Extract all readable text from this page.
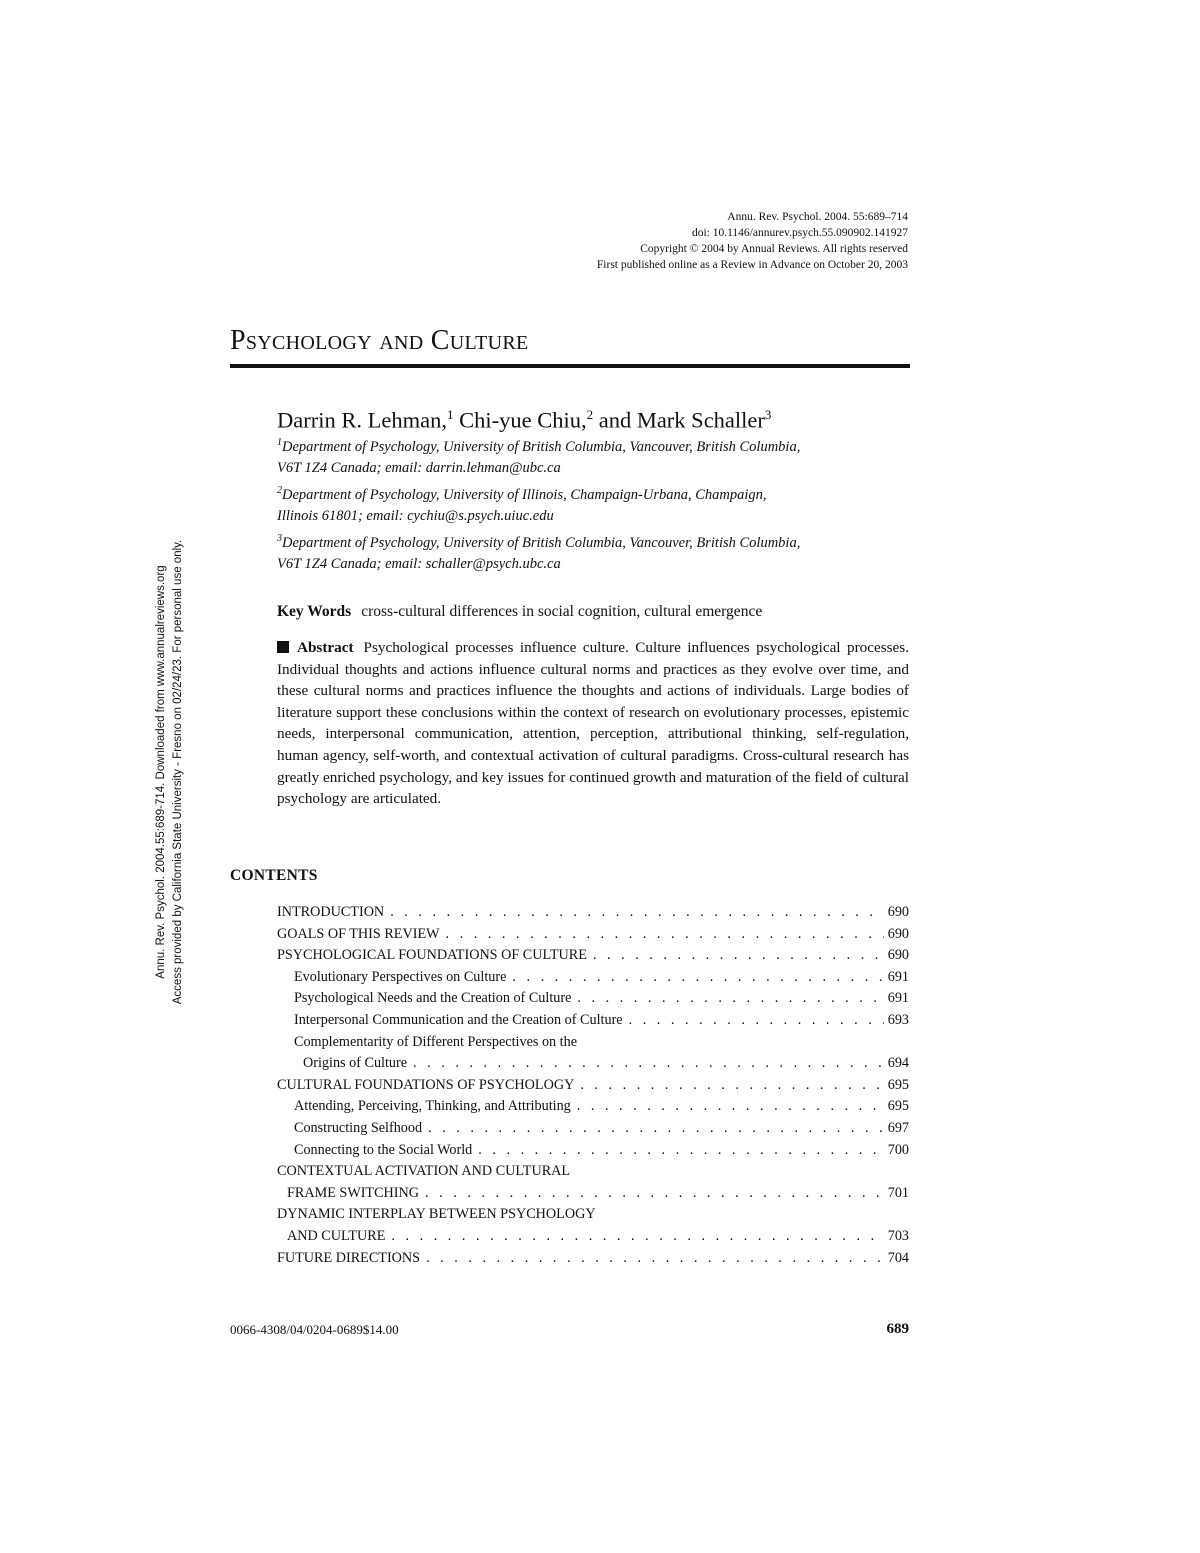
Annu. Rev. Psychol. 2004. 55:689–714
doi: 10.1146/annurev.psych.55.090902.141927
Copyright © 2004 by Annual Reviews. All rights reserved
First published online as a Review in Advance on October 20, 2003
Psychology and Culture
Darrin R. Lehman,$^1$ Chi-yue Chiu,$^2$ and Mark Schaller$^3$
$^1$Department of Psychology, University of British Columbia, Vancouver, British Columbia,
V6T 1Z4 Canada; email: darrin.lehman@ubc.ca
$^2$Department of Psychology, University of Illinois, Champaign-Urbana, Champaign,
Illinois 61801; email: cychiu@s.psych.uiuc.edu
$^3$Department of Psychology, University of British Columbia, Vancouver, British Columbia,
V6T 1Z4 Canada; email: schaller@psych.ubc.ca
Key Words cross-cultural differences in social cognition, cultural emergence
Abstract Psychological processes influence culture. Culture influences psychological processes. Individual thoughts and actions influence cultural norms and practices as they evolve over time, and these cultural norms and practices influence the thoughts and actions of individuals. Large bodies of literature support these conclusions within the context of research on evolutionary processes, epistemic needs, interpersonal communication, attention, perception, attributional thinking, self-regulation, human agency, self-worth, and contextual activation of cultural paradigms. Cross-cultural research has greatly enriched psychology, and key issues for continued growth and maturation of the field of cultural psychology are articulated.
CONTENTS
INTRODUCTION . . .	690
GOALS OF THIS REVIEW . . .	690
PSYCHOLOGICAL FOUNDATIONS OF CULTURE . . .	690
Evolutionary Perspectives on Culture . . .	691
Psychological Needs and the Creation of Culture . . .	691
Interpersonal Communication and the Creation of Culture . . .	693
Complementarity of Different Perspectives on the
Origins of Culture . . .	694
CULTURAL FOUNDATIONS OF PSYCHOLOGY . . .	695
Attending, Perceiving, Thinking, and Attributing . . .	695
Constructing Selfhood . . .	697
Connecting to the Social World . . .	700
CONTEXTUAL ACTIVATION AND CULTURAL
FRAME SWITCHING . . .	701
DYNAMIC INTERPLAY BETWEEN PSYCHOLOGY
AND CULTURE . . .	703
FUTURE DIRECTIONS . . .	704
0066-4308/04/0204-0689$14.00	689
Annu. Rev. Psychol. 2004.55:689-714. Downloaded from www.annualreviews.org Access provided by California State University - Fresno on 02/24/23. For personal use only.
